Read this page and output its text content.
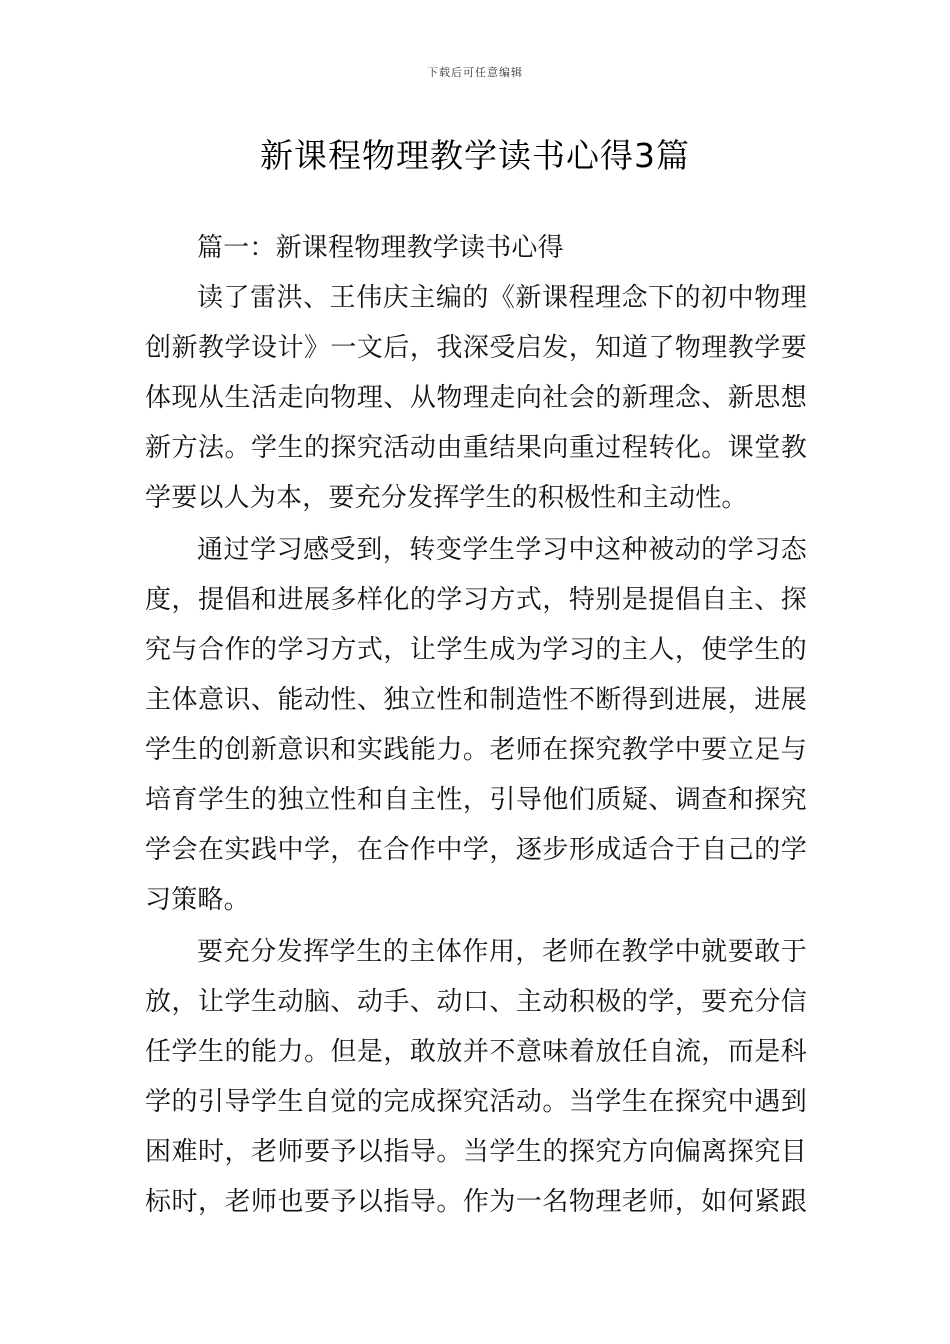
下载后可任意编辑
新课程物理教学读书心得3篇
篇一：新课程物理教学读书心得
读了雷洪、王伟庆主编的《新课程理念下的初中物理
创新教学设计》一文后，我深受启发，知道了物理教学要
体现从生活走向物理、从物理走向社会的新理念、新思想
新方法。学生的探究活动由重结果向重过程转化。课堂教
学要以人为本，要充分发挥学生的积极性和主动性。
通过学习感受到，转变学生学习中这种被动的学习态
度，提倡和进展多样化的学习方式，特别是提倡自主、探
究与合作的学习方式，让学生成为学习的主人，使学生的
主体意识、能动性、独立性和制造性不断得到进展，进展
学生的创新意识和实践能力。老师在探究教学中要立足与
培育学生的独立性和自主性，引导他们质疑、调查和探究
学会在实践中学，在合作中学，逐步形成适合于自己的学
习策略。
要充分发挥学生的主体作用，老师在教学中就要敢于
放，让学生动脑、动手、动口、主动积极的学，要充分信
任学生的能力。但是，敢放并不意味着放任自流，而是科
学的引导学生自觉的完成探究活动。当学生在探究中遇到
困难时，老师要予以指导。当学生的探究方向偏离探究目
标时，老师也要予以指导。作为一名物理老师，如何紧跟
